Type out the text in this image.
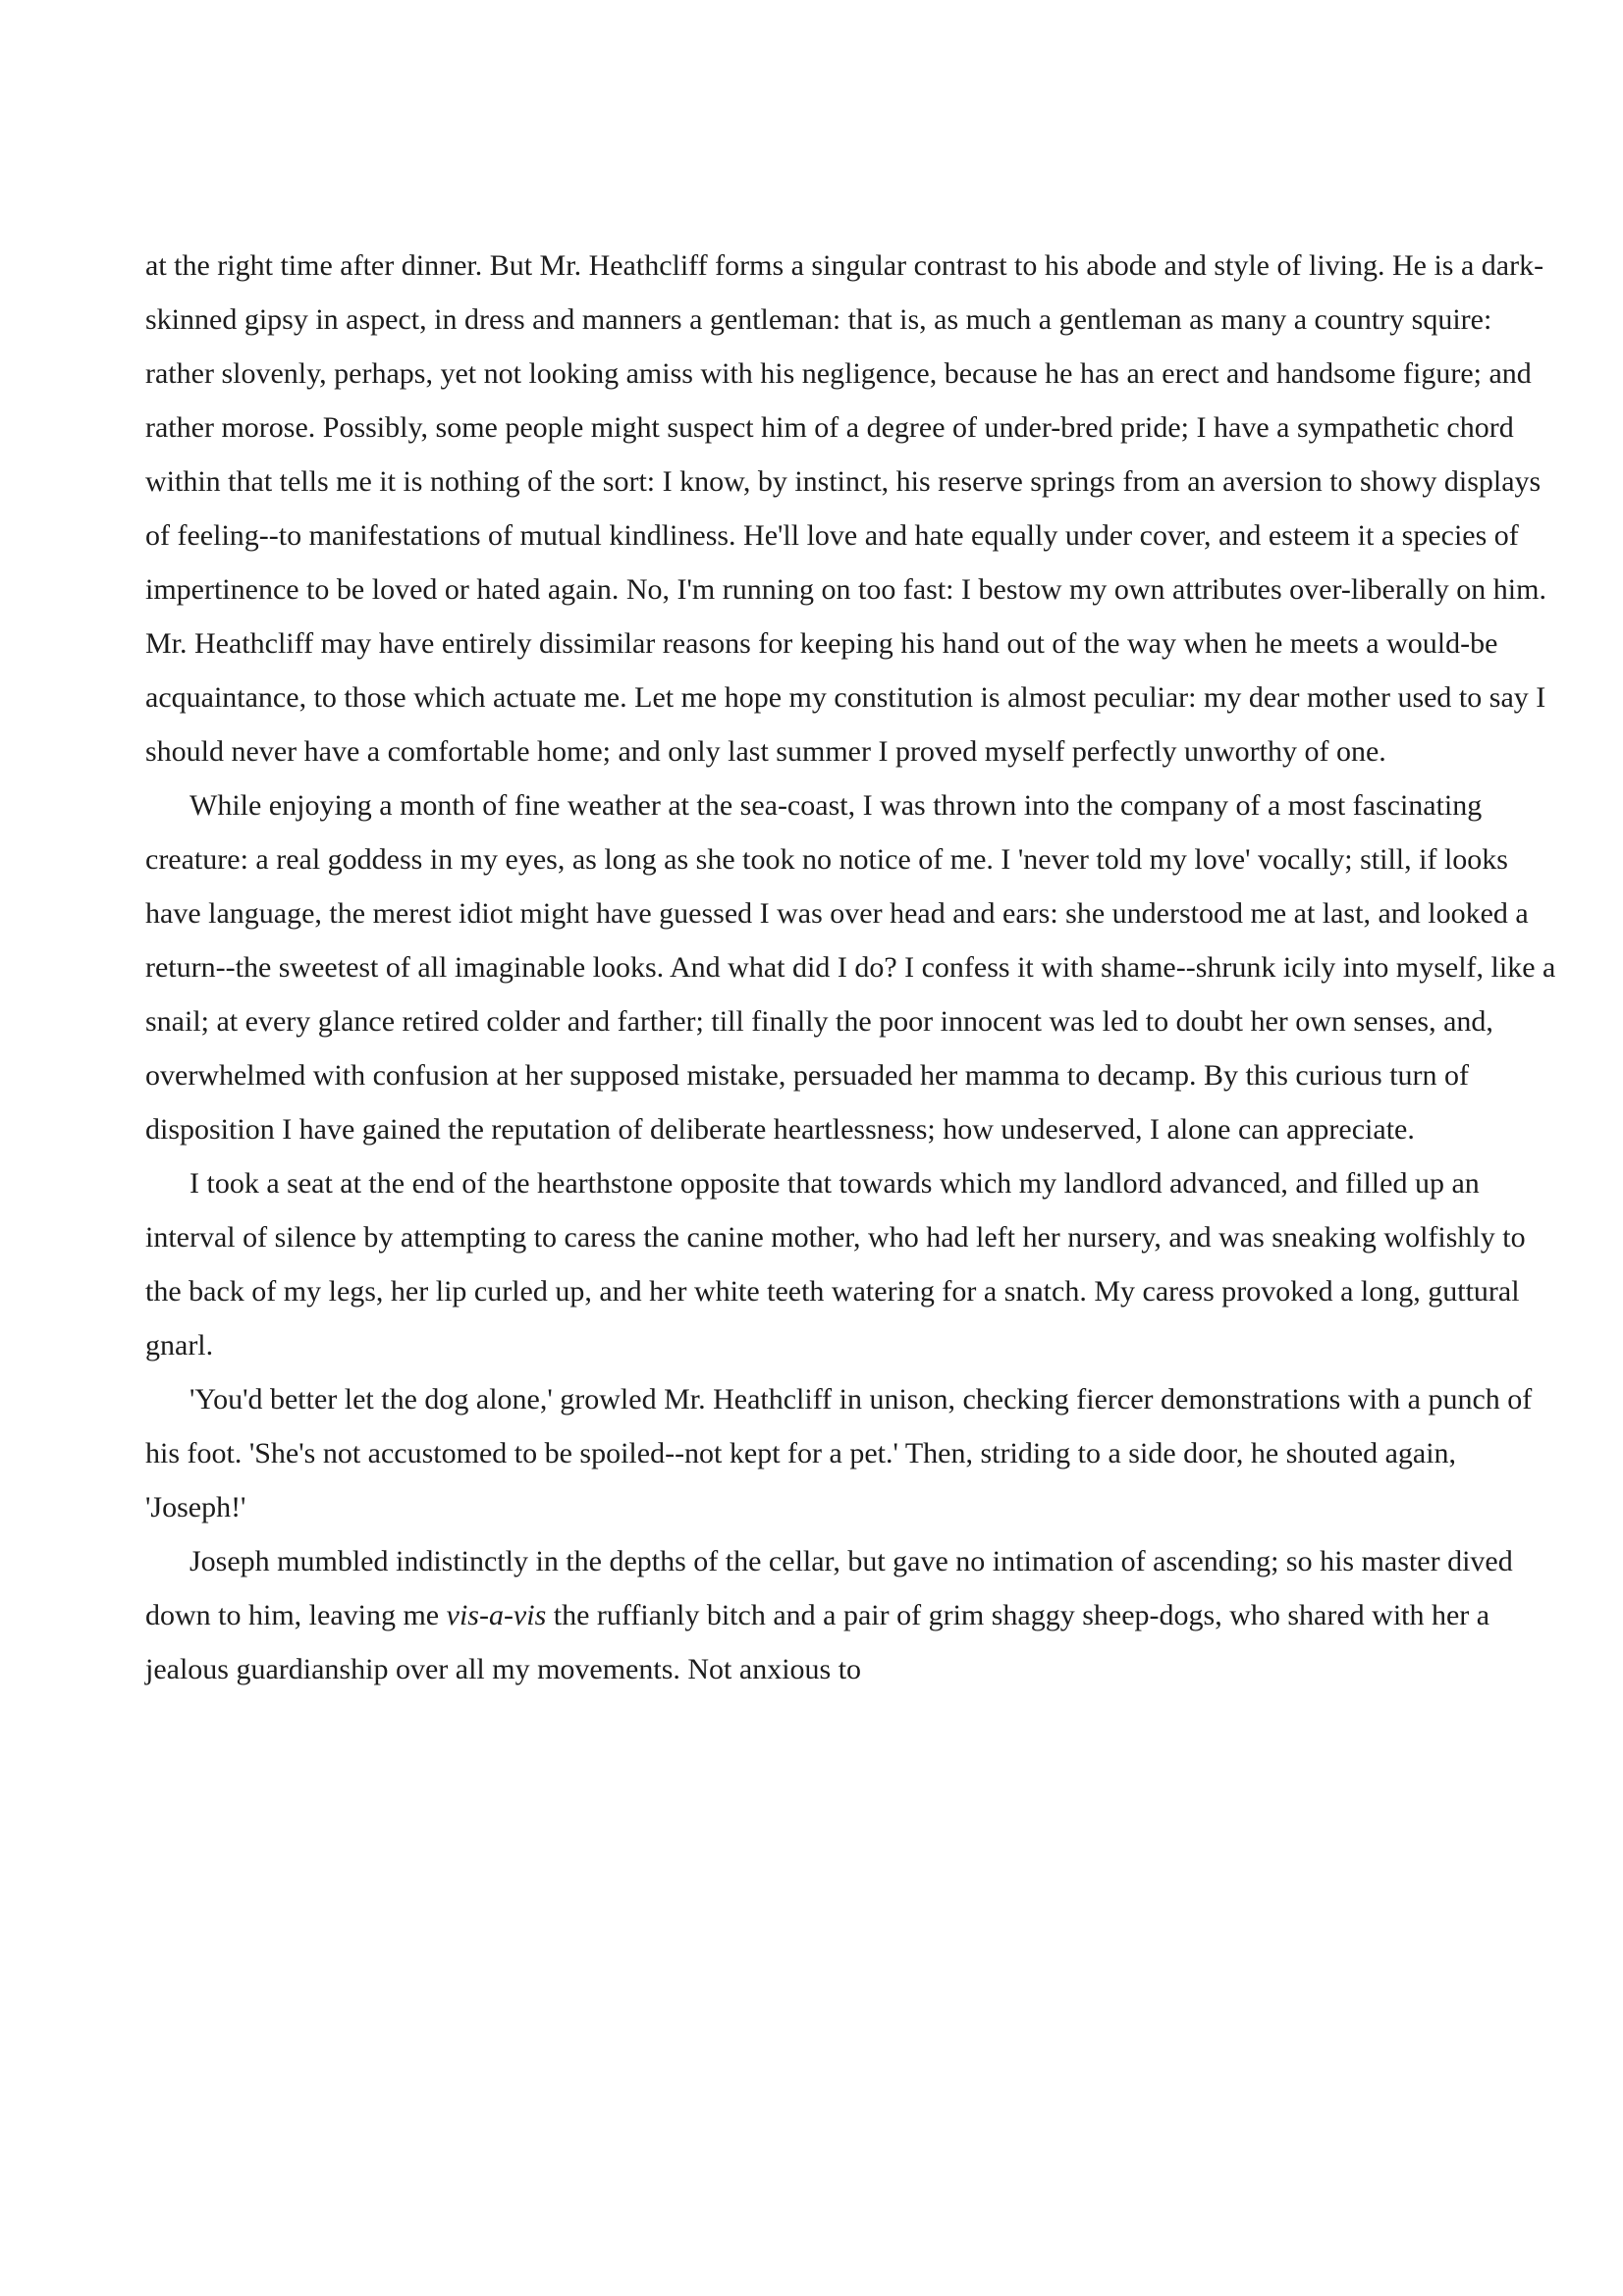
at the right time after dinner. But Mr. Heathcliff forms a singular contrast to his abode and style of living. He is a dark-skinned gipsy in aspect, in dress and manners a gentleman: that is, as much a gentleman as many a country squire: rather slovenly, perhaps, yet not looking amiss with his negligence, because he has an erect and handsome figure; and rather morose. Possibly, some people might suspect him of a degree of under-bred pride; I have a sympathetic chord within that tells me it is nothing of the sort: I know, by instinct, his reserve springs from an aversion to showy displays of feeling--to manifestations of mutual kindliness. He'll love and hate equally under cover, and esteem it a species of impertinence to be loved or hated again. No, I'm running on too fast: I bestow my own attributes over-liberally on him. Mr. Heathcliff may have entirely dissimilar reasons for keeping his hand out of the way when he meets a would-be acquaintance, to those which actuate me. Let me hope my constitution is almost peculiar: my dear mother used to say I should never have a comfortable home; and only last summer I proved myself perfectly unworthy of one.

While enjoying a month of fine weather at the sea-coast, I was thrown into the company of a most fascinating creature: a real goddess in my eyes, as long as she took no notice of me. I 'never told my love' vocally; still, if looks have language, the merest idiot might have guessed I was over head and ears: she understood me at last, and looked a return--the sweetest of all imaginable looks. And what did I do? I confess it with shame--shrunk icily into myself, like a snail; at every glance retired colder and farther; till finally the poor innocent was led to doubt her own senses, and, overwhelmed with confusion at her supposed mistake, persuaded her mamma to decamp. By this curious turn of disposition I have gained the reputation of deliberate heartlessness; how undeserved, I alone can appreciate.

I took a seat at the end of the hearthstone opposite that towards which my landlord advanced, and filled up an interval of silence by attempting to caress the canine mother, who had left her nursery, and was sneaking wolfishly to the back of my legs, her lip curled up, and her white teeth watering for a snatch. My caress provoked a long, guttural gnarl.

'You'd better let the dog alone,' growled Mr. Heathcliff in unison, checking fiercer demonstrations with a punch of his foot. 'She's not accustomed to be spoiled--not kept for a pet.' Then, striding to a side door, he shouted again, 'Joseph!'

Joseph mumbled indistinctly in the depths of the cellar, but gave no intimation of ascending; so his master dived down to him, leaving me vis-a-vis the ruffianly bitch and a pair of grim shaggy sheep-dogs, who shared with her a jealous guardianship over all my movements. Not anxious to
